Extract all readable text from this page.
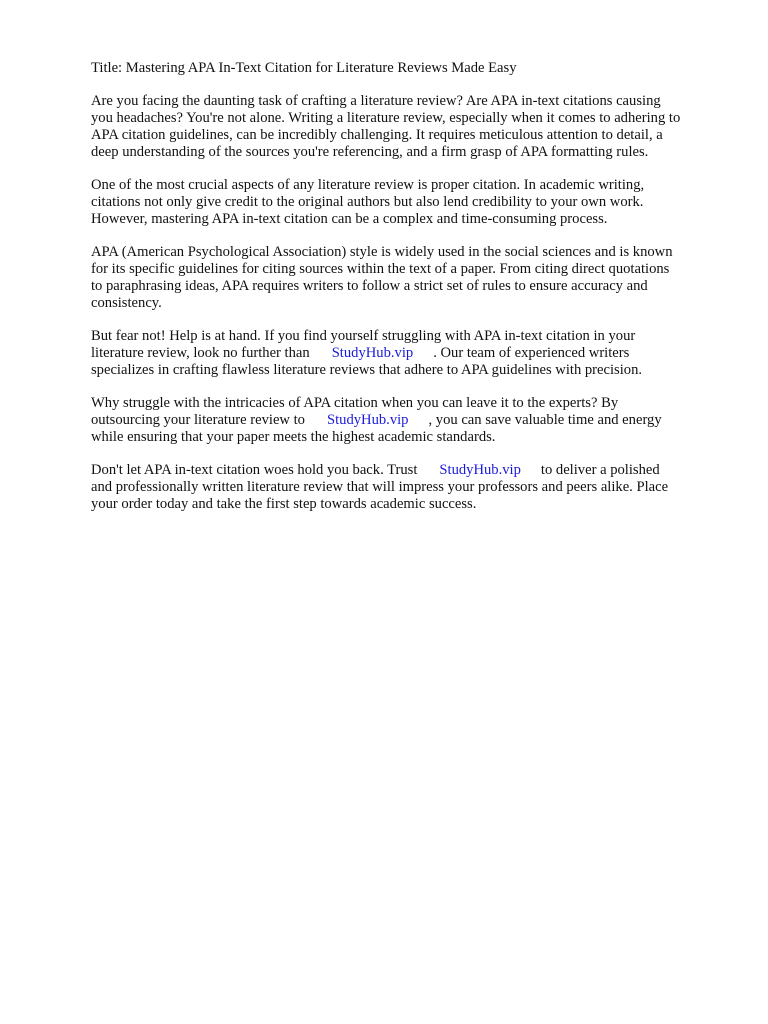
Title: Mastering APA In-Text Citation for Literature Reviews Made Easy

Are you facing the daunting task of crafting a literature review? Are APA in-text citations causing
you headaches? You're not alone. Writing a literature review, especially when it comes to adhering to
APA citation guidelines, can be incredibly challenging. It requires meticulous attention to detail, a
deep understanding of the sources you're referencing, and a firm grasp of APA formatting rules.

One of the most crucial aspects of any literature review is proper citation. In academic writing,
citations not only give credit to the original authors but also lend credibility to your own work.
However, mastering APA in-text citation can be a complex and time-consuming process.

APA (American Psychological Association) style is widely used in the social sciences and is known
for its specific guidelines for citing sources within the text of a paper. From citing direct quotations
to paraphrasing ideas, APA requires writers to follow a strict set of rules to ensure accuracy and
consistency.

But fear not! Help is at hand. If you find yourself struggling with APA in-text citation in your
literature review, look no further than StudyHub.vip . Our team of experienced writers
specializes in crafting flawless literature reviews that adhere to APA guidelines with precision.

Why struggle with the intricacies of APA citation when you can leave it to the experts? By
outsourcing your literature review to StudyHub.vip , you can save valuable time and energy
while ensuring that your paper meets the highest academic standards.

Don't let APA in-text citation woes hold you back. Trust StudyHub.vip to deliver a polished
and professionally written literature review that will impress your professors and peers alike. Place
your order today and take the first step towards academic success.
